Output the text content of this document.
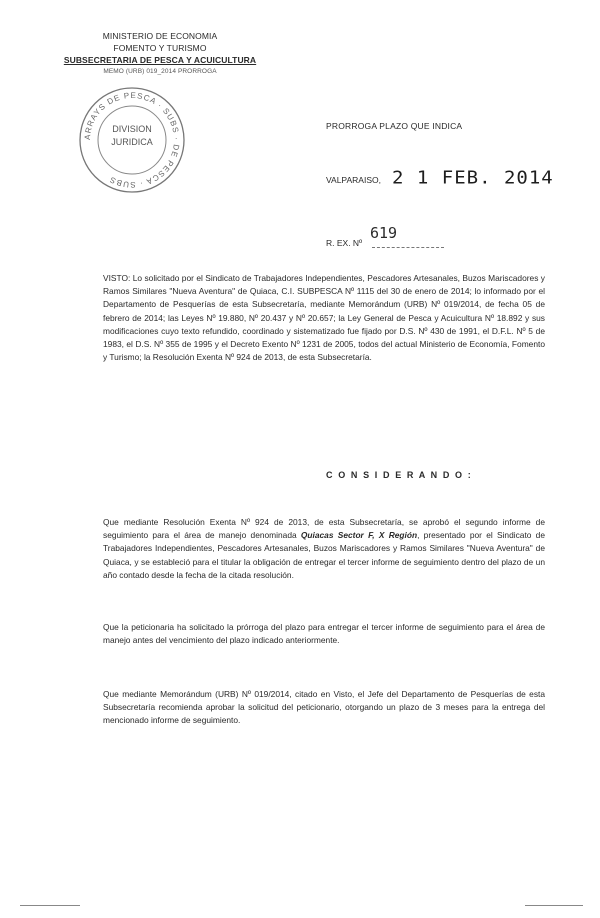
MINISTERIO DE ECONOMIA
FOMENTO Y TURISMO
SUBSECRETARIA DE PESCA Y ACUICULTURA
MEMO (URB) 019_2014 PRORROGA
ARRAYS DE PESCA · SUBS · DE PESCA · SUBS
DIVISION
JURIDICA
PRORROGA PLAZO QUE INDICA
VALPARAISO, 2 1 FEB. 2014
R. EX. Nº
619
VISTO: Lo solicitado por el Sindicato de Trabajadores Independientes, Pescadores Artesanales, Buzos Mariscadores y Ramos Similares "Nueva Aventura" de Quiaca, C.I. SUBPESCA Nº 1115 del 30 de enero de 2014; lo informado por el Departamento de Pesquerías de esta Subsecretaría, mediante Memorándum (URB) Nº 019/2014, de fecha 05 de febrero de 2014; las Leyes Nº 19.880, Nº 20.437 y Nº 20.657; la Ley General de Pesca y Acuicultura Nº 18.892 y sus modificaciones cuyo texto refundido, coordinado y sistematizado fue fijado por D.S. Nº 430 de 1991, el D.F.L. Nº 5 de 1983, el D.S. Nº 355 de 1995 y el Decreto Exento Nº 1231 de 2005, todos del actual Ministerio de Economía, Fomento y Turismo; la Resolución Exenta Nº 924 de 2013, de esta Subsecretaría.
C O N S I D E R A N D O :
Que mediante Resolución Exenta Nº 924 de 2013, de esta Subsecretaría, se aprobó el segundo informe de seguimiento para el área de manejo denominada Quiacas Sector F, X Región, presentado por el Sindicato de Trabajadores Independientes, Pescadores Artesanales, Buzos Mariscadores y Ramos Similares "Nueva Aventura" de Quiaca, y se estableció para el titular la obligación de entregar el tercer informe de seguimiento dentro del plazo de un año contado desde la fecha de la citada resolución.
Que la peticionaria ha solicitado la prórroga del plazo para entregar el tercer informe de seguimiento para el área de manejo antes del vencimiento del plazo indicado anteriormente.
Que mediante Memorándum (URB) Nº 019/2014, citado en Visto, el Jefe del Departamento de Pesquerías de esta Subsecretaría recomienda aprobar la solicitud del peticionario, otorgando un plazo de 3 meses para la entrega del mencionado informe de seguimiento.
